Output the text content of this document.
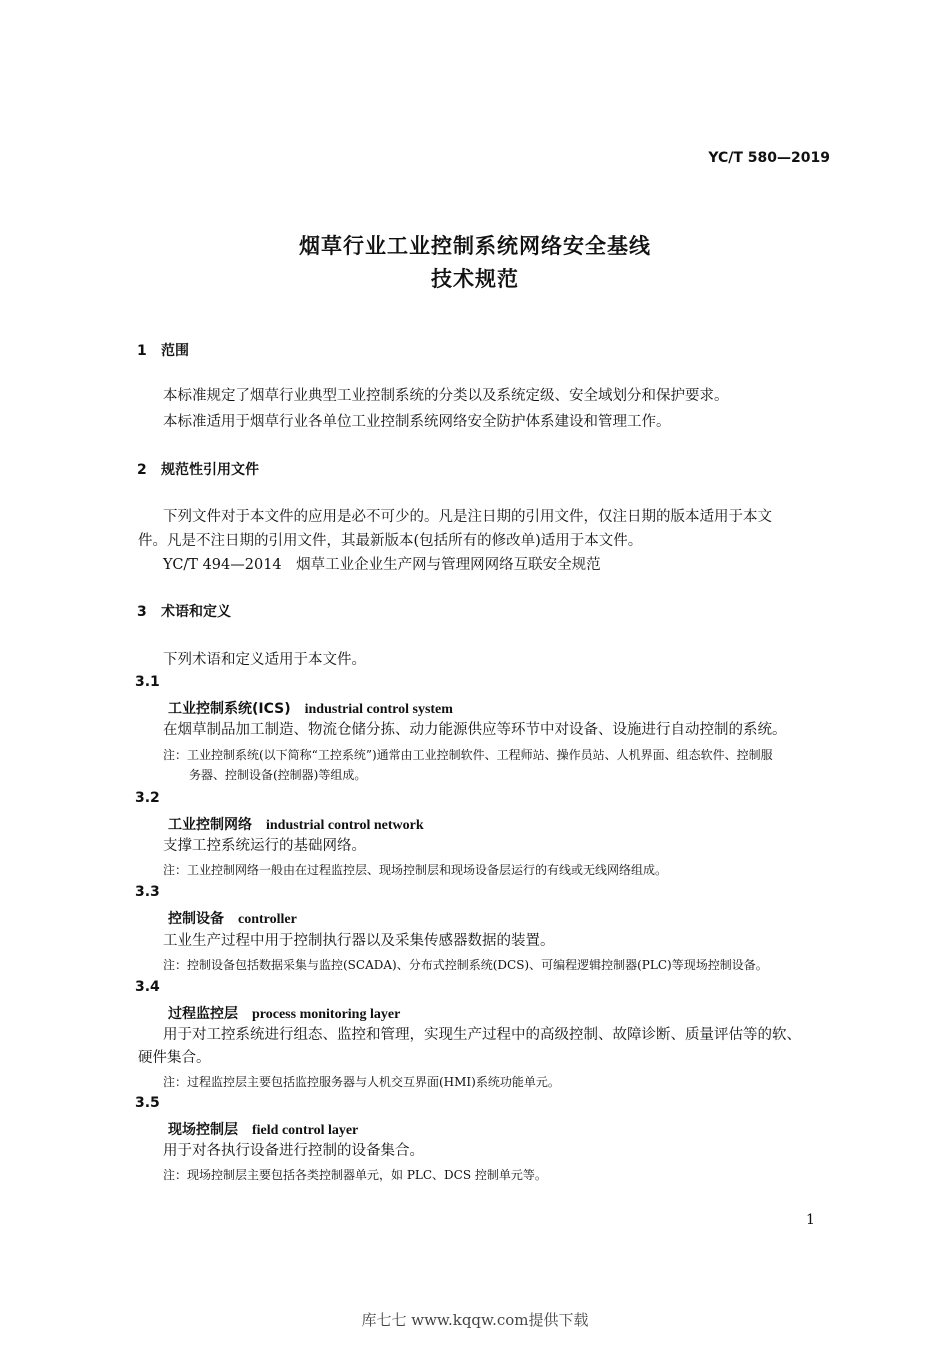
YC/T 580—2019
烟草行业工业控制系统网络安全基线
技术规范
1 范围
本标准规定了烟草行业典型工业控制系统的分类以及系统定级、安全域划分和保护要求。
本标准适用于烟草行业各单位工业控制系统网络安全防护体系建设和管理工作。
2 规范性引用文件
下列文件对于本文件的应用是必不可少的。凡是注日期的引用文件，仅注日期的版本适用于本文
件。凡是不注日期的引用文件，其最新版本(包括所有的修改单)适用于本文件。
YC/T 494—2014　烟草工业企业生产网与管理网网络互联安全规范
3 术语和定义
下列术语和定义适用于本文件。
3.1
工业控制系统(ICS) industrial control system
在烟草制品加工制造、物流仓储分拣、动力能源供应等环节中对设备、设施进行自动控制的系统。
注：工业控制系统(以下简称“工控系统”)通常由工业控制软件、工程师站、操作员站、人机界面、组态软件、控制服
务器、控制设备(控制器)等组成。
3.2
工业控制网络 industrial control network
支撑工控系统运行的基础网络。
注：工业控制网络一般由在过程监控层、现场控制层和现场设备层运行的有线或无线网络组成。
3.3
控制设备 controller
工业生产过程中用于控制执行器以及采集传感器数据的装置。
注：控制设备包括数据采集与监控(SCADA)、分布式控制系统(DCS)、可编程逻辑控制器(PLC)等现场控制设备。
3.4
过程监控层 process monitoring layer
用于对工控系统进行组态、监控和管理，实现生产过程中的高级控制、故障诊断、质量评估等的软、
硬件集合。
注：过程监控层主要包括监控服务器与人机交互界面(HMI)系统功能单元。
3.5
现场控制层 field control layer
用于对各执行设备进行控制的设备集合。
注：现场控制层主要包括各类控制器单元，如 PLC、DCS 控制单元等。
1
库七七 www.kqqw.com提供下载
